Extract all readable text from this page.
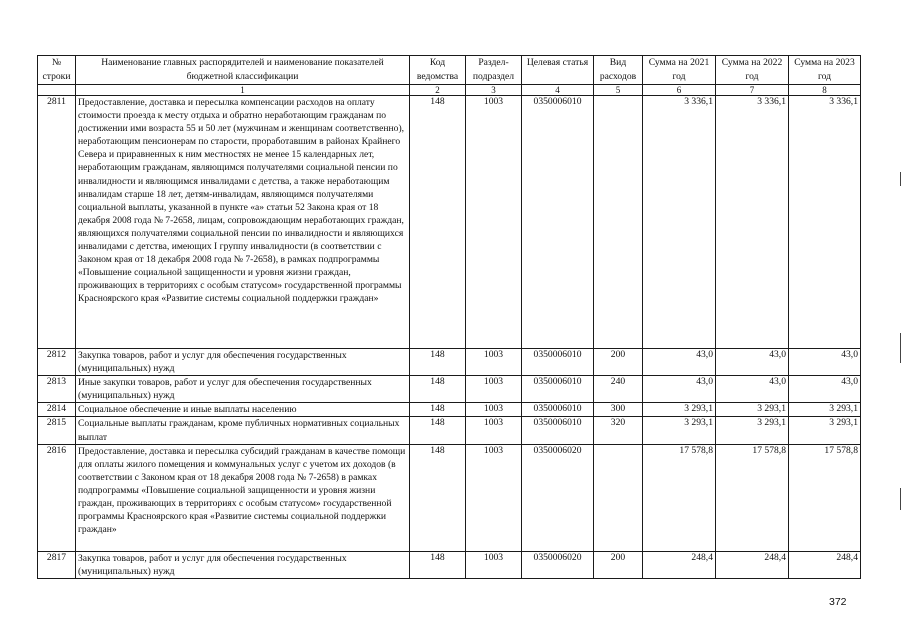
№ строки	Наименование главных распорядителей и наименование показателей бюджетной классификации	Код ведомства	Раздел-подраздел	Целевая статья	Вид расходов	Сумма на 2021 год	Сумма на 2022 год	Сумма на 2023 год
	1	2	3	4	5	6	7	8
2811	Предоставление, доставка и пересылка компенсации расходов на оплату стоимости проезда к месту отдыха и обратно неработающим гражданам по достижении ими возраста 55 и 50 лет (мужчинам и женщинам соответственно), неработающим пенсионерам по старости, проработавшим в районах Крайнего Севера и приравненных к ним местностях не менее 15 календарных лет, неработающим гражданам, являющимся получателями социальной пенсии по инвалидности и являющимся инвалидами с детства, а также неработающим инвалидам старше 18 лет, детям-инвалидам, являющимся получателями социальной выплаты, указанной в пункте «а» статьи 52 Закона края от 18 декабря 2008 года № 7-2658, лицам, сопровождающим неработающих граждан, являющихся получателями социальной пенсии по инвалидности и являющихся инвалидами с детства, имеющих I группу инвалидности (в соответствии с Законом края от 18 декабря 2008 года № 7-2658), в рамках подпрограммы «Повышение социальной защищенности и уровня жизни граждан, проживающих в территориях с особым статусом» государственной программы Красноярского края «Развитие системы социальной поддержки граждан»	148	1003	0350006010		3 336,1	3 336,1	3 336,1
2812	Закупка товаров, работ и услуг для обеспечения государственных (муниципальных) нужд	148	1003	0350006010	200	43,0	43,0	43,0
2813	Иные закупки товаров, работ и услуг для обеспечения государственных (муниципальных) нужд	148	1003	0350006010	240	43,0	43,0	43,0
2814	Социальное обеспечение и иные выплаты населению	148	1003	0350006010	300	3 293,1	3 293,1	3 293,1
2815	Социальные выплаты гражданам, кроме публичных нормативных социальных выплат	148	1003	0350006010	320	3 293,1	3 293,1	3 293,1
2816	Предоставление, доставка и пересылка субсидий гражданам в качестве помощи для оплаты жилого помещения и коммунальных услуг с учетом их доходов (в соответствии с Законом края от 18 декабря 2008 года № 7-2658) в рамках подпрограммы «Повышение социальной защищенности и уровня жизни граждан, проживающих в территориях с особым статусом» государственной программы Красноярского края «Развитие системы социальной поддержки граждан»	148	1003	0350006020		17 578,8	17 578,8	17 578,8
2817	Закупка товаров, работ и услуг для обеспечения государственных (муниципальных) нужд	148	1003	0350006020	200	248,4	248,4	248,4
372
